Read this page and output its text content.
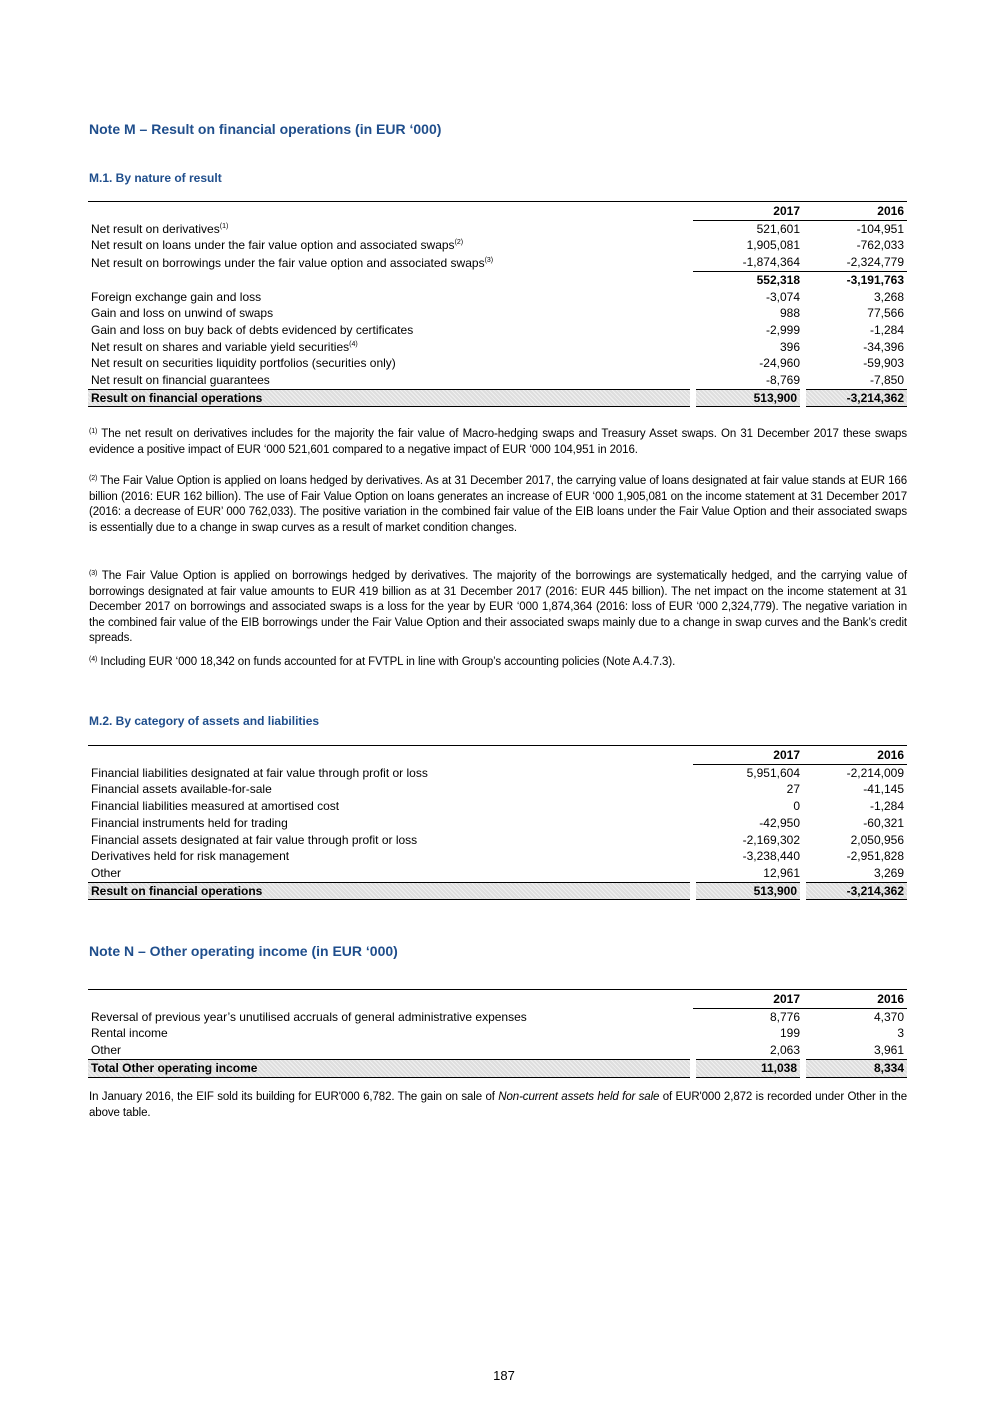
Note M – Result on financial operations (in EUR ‘000)
M.1. By nature of result
	2017	2016
Net result on derivatives$^{(1)}$	521,601	-104,951
Net result on loans under the fair value option and associated swaps$^{(2)}$	1,905,081	-762,033
Net result on borrowings under the fair value option and associated swaps$^{(3)}$	-1,874,364	-2,324,779
	552,318	-3,191,763
Foreign exchange gain and loss	-3,074	3,268
Gain and loss on unwind of swaps	988	77,566
Gain and loss on buy back of debts evidenced by certificates	-2,999	-1,284
Net result on shares and variable yield securities$^{(4)}$	396	-34,396
Net result on securities liquidity portfolios (securities only)	-24,960	-59,903
Net result on financial guarantees	-8,769	-7,850
Result on financial operations	513,900	-3,214,362
$^{(1)}$ The net result on derivatives includes for the majority the fair value of Macro-hedging swaps and Treasury Asset swaps. On 31 December 2017 these swaps evidence a positive impact of EUR ‘000 521,601 compared to a negative impact of EUR ‘000 104,951 in 2016.
$^{(2)}$ The Fair Value Option is applied on loans hedged by derivatives. As at 31 December 2017, the carrying value of loans designated at fair value stands at EUR 166 billion (2016: EUR 162 billion). The use of Fair Value Option on loans generates an increase of EUR ‘000 1,905,081 on the income statement at 31 December 2017 (2016: a decrease of EUR’ 000 762,033). The positive variation in the combined fair value of the EIB loans under the Fair Value Option and their associated swaps is essentially due to a change in swap curves as a result of market condition changes.
$^{(3)}$ The Fair Value Option is applied on borrowings hedged by derivatives. The majority of the borrowings are systematically hedged, and the carrying value of borrowings designated at fair value amounts to EUR 419 billion as at 31 December 2017 (2016: EUR 445 billion). The net impact on the income statement at 31 December 2017 on borrowings and associated swaps is a loss for the year by EUR ‘000 1,874,364 (2016: loss of EUR ‘000 2,324,779). The negative variation in the combined fair value of the EIB borrowings under the Fair Value Option and their associated swaps mainly due to a change in swap curves and the Bank’s credit spreads.
$^{(4)}$ Including EUR ‘000 18,342 on funds accounted for at FVTPL in line with Group’s accounting policies (Note A.4.7.3).
M.2. By category of assets and liabilities
	2017	2016
Financial liabilities designated at fair value through profit or loss	5,951,604	-2,214,009
Financial assets available-for-sale	27	-41,145
Financial liabilities measured at amortised cost	0	-1,284
Financial instruments held for trading	-42,950	-60,321
Financial assets designated at fair value through profit or loss	-2,169,302	2,050,956
Derivatives held for risk management	-3,238,440	-2,951,828
Other	12,961	3,269
Result on financial operations	513,900	-3,214,362
Note N – Other operating income (in EUR ‘000)
	2017	2016
Reversal of previous year’s unutilised accruals of general administrative expenses	8,776	4,370
Rental income	199	3
Other	2,063	3,961
Total Other operating income	11,038	8,334
In January 2016, the EIF sold its building for EUR'000 6,782. The gain on sale of Non-current assets held for sale of EUR'000 2,872 is recorded under Other in the above table.
187
